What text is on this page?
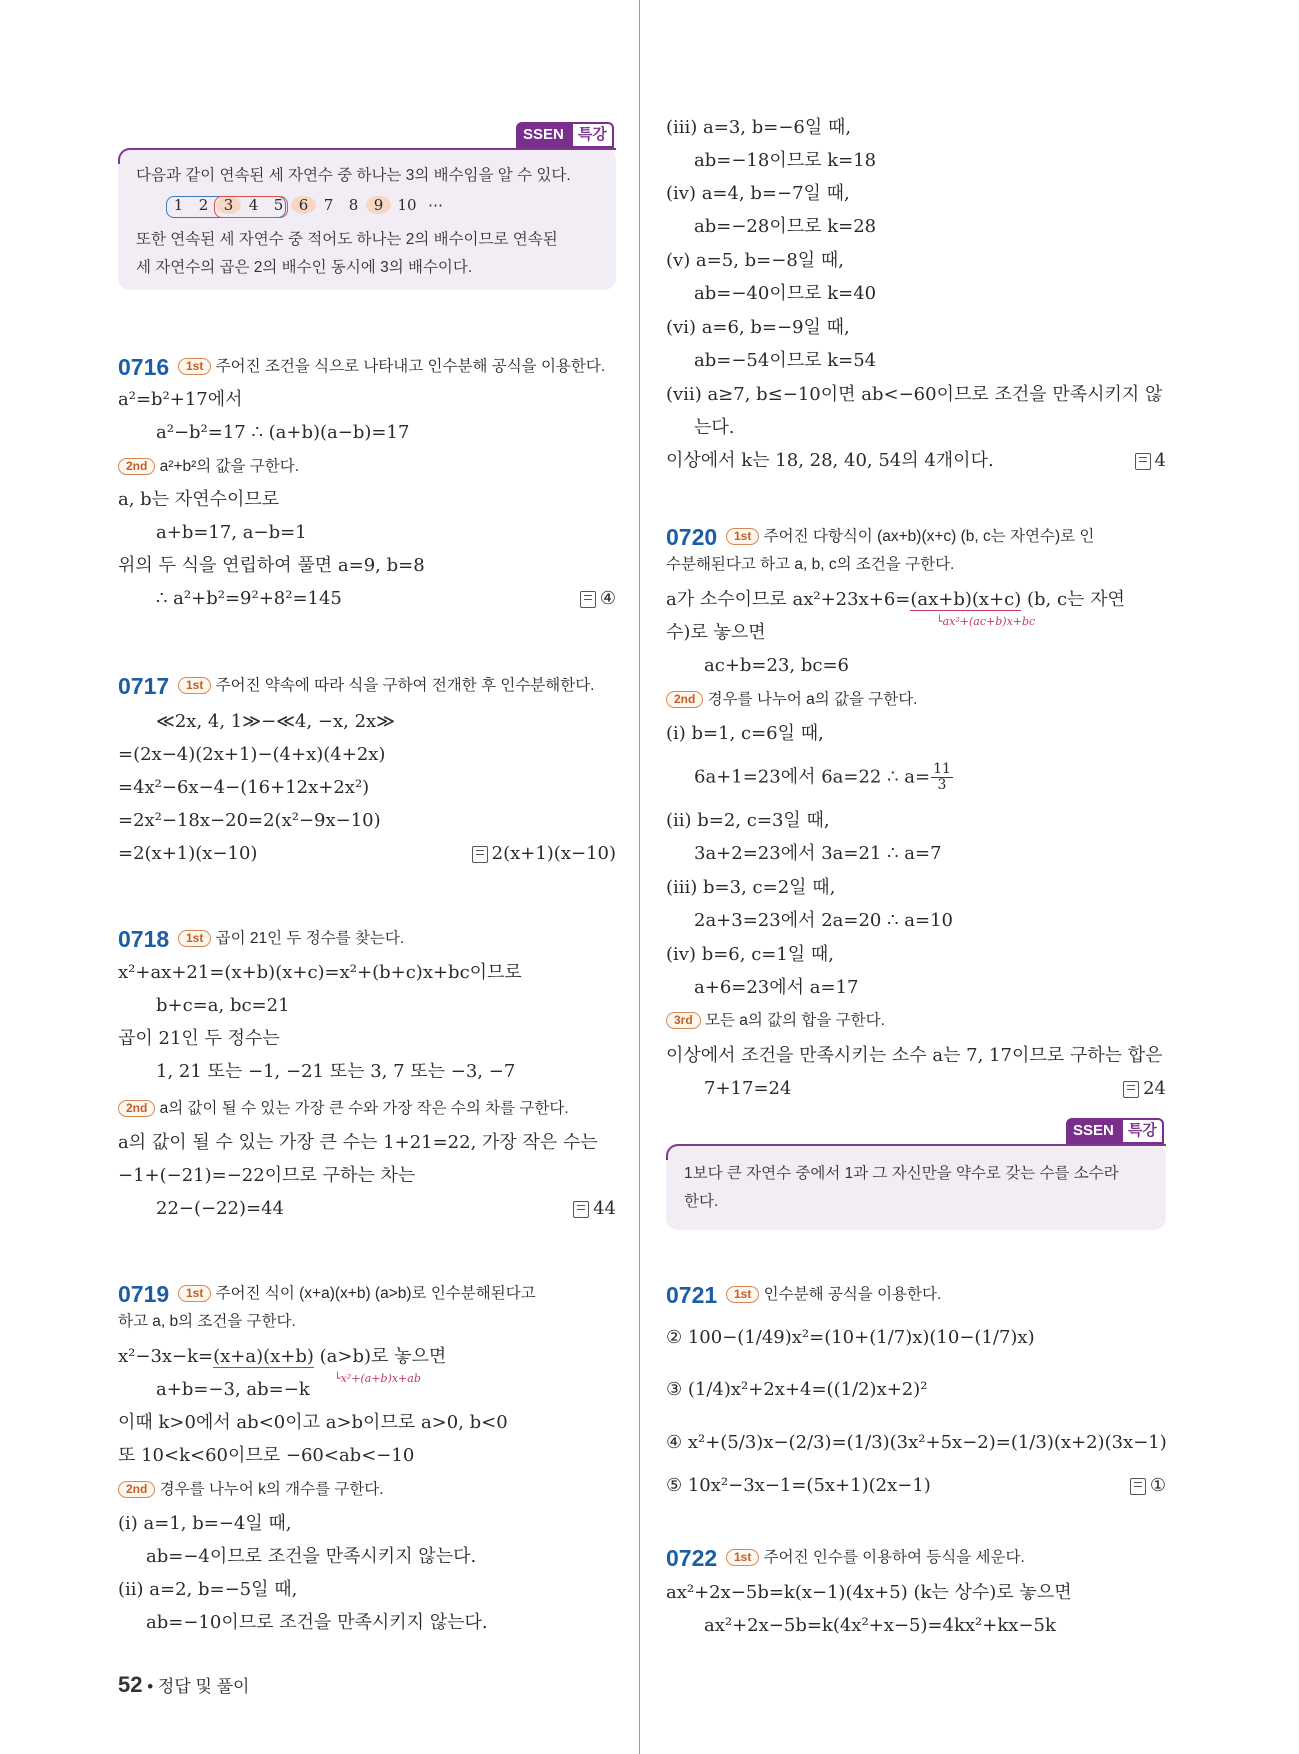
SSEN 특강
다음과 같이 연속된 세 자연수 중 하나는 3의 배수임을 알 수 있다.
1 2 3 4 5 6 7 8 9 10 ⋯
또한 연속된 세 자연수 중 적어도 하나는 2의 배수이므로 연속된
세 자연수의 곱은 2의 배수인 동시에 3의 배수이다.
0716	1st 주어진 조건을 식으로 나타내고 인수분해 공식을 이용한다.
a²=b²+17에서
a²−b²=17 ∴ (a+b)(a−b)=17
2nd a²+b²의 값을 구한다.
a, b는 자연수이므로
a+b=17, a−b=1
위의 두 식을 연립하여 풀면 a=9, b=8
∴ a²+b²=9²+8²=145	④
0717	1st 주어진 약속에 따라 식을 구하여 전개한 후 인수분해한다.
≪2x, 4, 1≫−≪4, −x, 2x≫
=(2x−4)(2x+1)−(4+x)(4+2x)
=4x²−6x−4−(16+12x+2x²)
=2x²−18x−20=2(x²−9x−10)
=2(x+1)(x−10)	2(x+1)(x−10)
0718	1st 곱이 21인 두 정수를 찾는다.
x²+ax+21=(x+b)(x+c)=x²+(b+c)x+bc이므로
b+c=a, bc=21
곱이 21인 두 정수는
1, 21 또는 −1, −21 또는 3, 7 또는 −3, −7
2nd a의 값이 될 수 있는 가장 큰 수와 가장 작은 수의 차를 구한다.
a의 값이 될 수 있는 가장 큰 수는 1+21=22, 가장 작은 수는
−1+(−21)=−22이므로 구하는 차는
22−(−22)=44	44
0719	1st 주어진 식이 (x+a)(x+b) (a>b)로 인수분해된다고
하고 a, b의 조건을 구한다.
x²−3x−k=(x+a)(x+b) (a>b)로 놓으면
└x²+(a+b)x+ab
a+b=−3, ab=−k
이때 k>0에서 ab<0이고 a>b이므로 a>0, b<0
또 10<k<60이므로 −60<ab<−10
2nd 경우를 나누어 k의 개수를 구한다.
(ⅰ) a=1, b=−4일 때,
ab=−4이므로 조건을 만족시키지 않는다.
(ⅱ) a=2, b=−5일 때,
ab=−10이므로 조건을 만족시키지 않는다.
52 • 정답 및 풀이
(ⅲ) a=3, b=−6일 때,
ab=−18이므로 k=18
(ⅳ) a=4, b=−7일 때,
ab=−28이므로 k=28
(ⅴ) a=5, b=−8일 때,
ab=−40이므로 k=40
(ⅵ) a=6, b=−9일 때,
ab=−54이므로 k=54
(ⅶ) a≥7, b≤−10이면 ab<−60이므로 조건을 만족시키지 않
는다.
이상에서 k는 18, 28, 40, 54의 4개이다.	4
0720	1st 주어진 다항식이 (ax+b)(x+c) (b, c는 자연수)로 인
수분해된다고 하고 a, b, c의 조건을 구한다.
a가 소수이므로 ax²+23x+6=(ax+b)(x+c) (b, c는 자연
└ax²+(ac+b)x+bc
수)로 놓으면
ac+b=23, bc=6
2nd 경우를 나누어 a의 값을 구한다.
(ⅰ) b=1, c=6일 때,
6a+1=23에서 6a=22 ∴ $a= \frac{11}{3}$
(ⅱ) b=2, c=3일 때,
3a+2=23에서 3a=21 ∴ a=7
(ⅲ) b=3, c=2일 때,
2a+3=23에서 2a=20 ∴ a=10
(ⅳ) b=6, c=1일 때,
a+6=23에서 a=17
3rd 모든 a의 값의 합을 구한다.
이상에서 조건을 만족시키는 소수 a는 7, 17이므로 구하는 합은
7+17=24	24
SSEN 특강
1보다 큰 자연수 중에서 1과 그 자신만을 약수로 갖는 수를 소수라
한다.
0721	1st 인수분해 공식을 이용한다.
② 100−(1/49)x²=(10+(1/7)x)(10−(1/7)x)
③ (1/4)x²+2x+4=((1/2)x+2)²
④ x²+(5/3)x−(2/3)=(1/3)(3x²+5x−2)=(1/3)(x+2)(3x−1)
⑤ 10x²−3x−1=(5x+1)(2x−1)	①
0722	1st 주어진 인수를 이용하여 등식을 세운다.
ax²+2x−5b=k(x−1)(4x+5) (k는 상수)로 놓으면
ax²+2x−5b=k(4x²+x−5)=4kx²+kx−5k
